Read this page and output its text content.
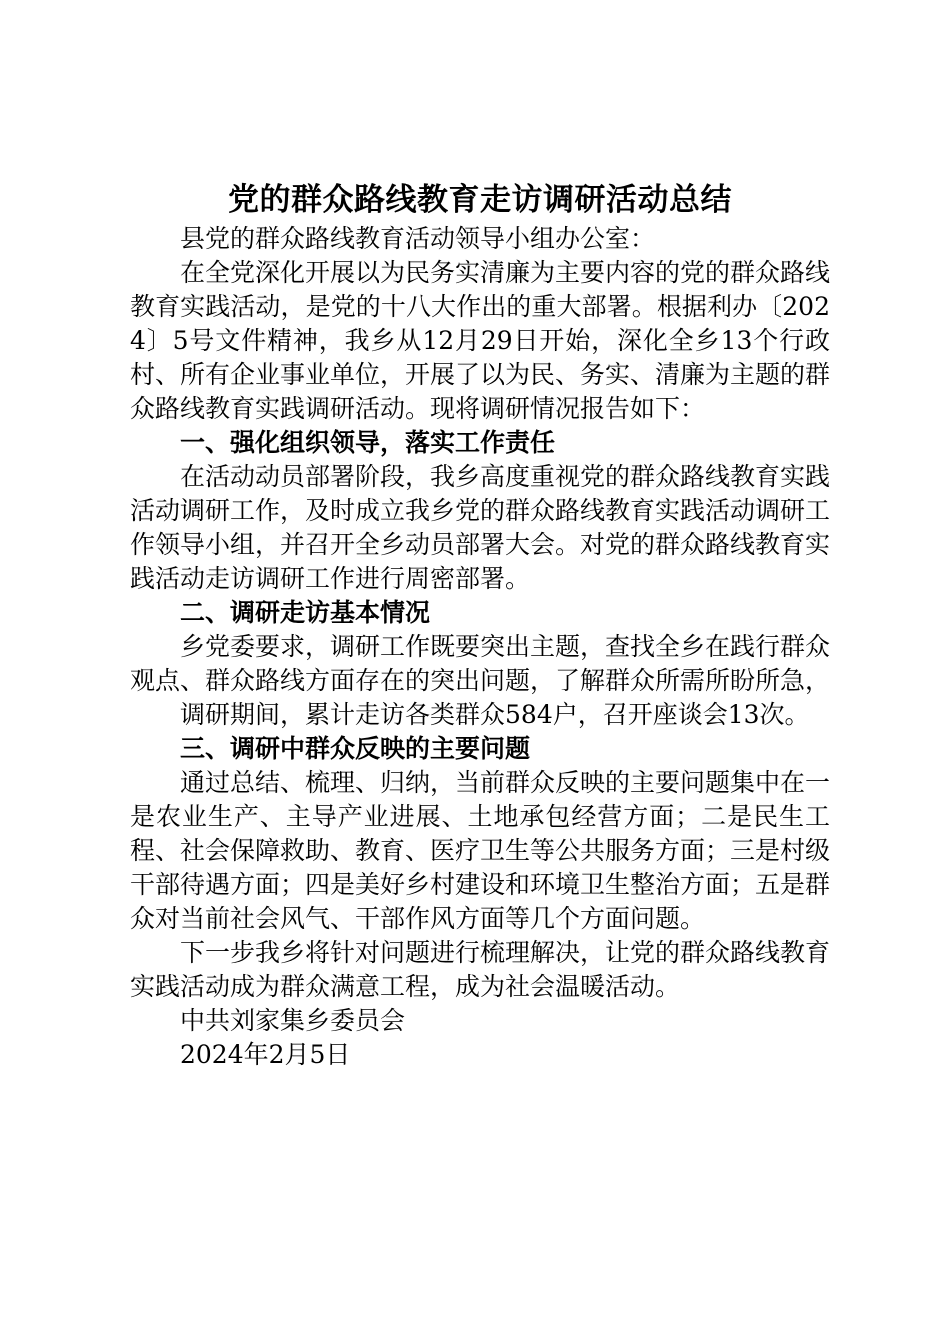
党的群众路线教育走访调研活动总结

县党的群众路线教育活动领导小组办公室：

在全党深化开展以为民务实清廉为主要内容的党的群众路线教育实践活动，是党的十八大作出的重大部署。根据利办〔2024〕5号文件精神，我乡从12月29日开始，深化全乡13个行政村、所有企业事业单位，开展了以为民、务实、清廉为主题的群众路线教育实践调研活动。现将调研情况报告如下：

一、强化组织领导，落实工作责任

在活动动员部署阶段，我乡高度重视党的群众路线教育实践活动调研工作，及时成立我乡党的群众路线教育实践活动调研工作领导小组，并召开全乡动员部署大会。对党的群众路线教育实践活动走访调研工作进行周密部署。

二、调研走访基本情况

乡党委要求，调研工作既要突出主题，查找全乡在践行群众观点、群众路线方面存在的突出问题，了解群众所需所盼所急，

调研期间，累计走访各类群众584户，召开座谈会13次。

三、调研中群众反映的主要问题

通过总结、梳理、归纳，当前群众反映的主要问题集中在一是农业生产、主导产业进展、土地承包经营方面；二是民生工程、社会保障救助、教育、医疗卫生等公共服务方面；三是村级干部待遇方面；四是美好乡村建设和环境卫生整治方面；五是群众对当前社会风气、干部作风方面等几个方面问题。

下一步我乡将针对问题进行梳理解决，让党的群众路线教育实践活动成为群众满意工程，成为社会温暖活动。

中共刘家集乡委员会

2024年2月5日
